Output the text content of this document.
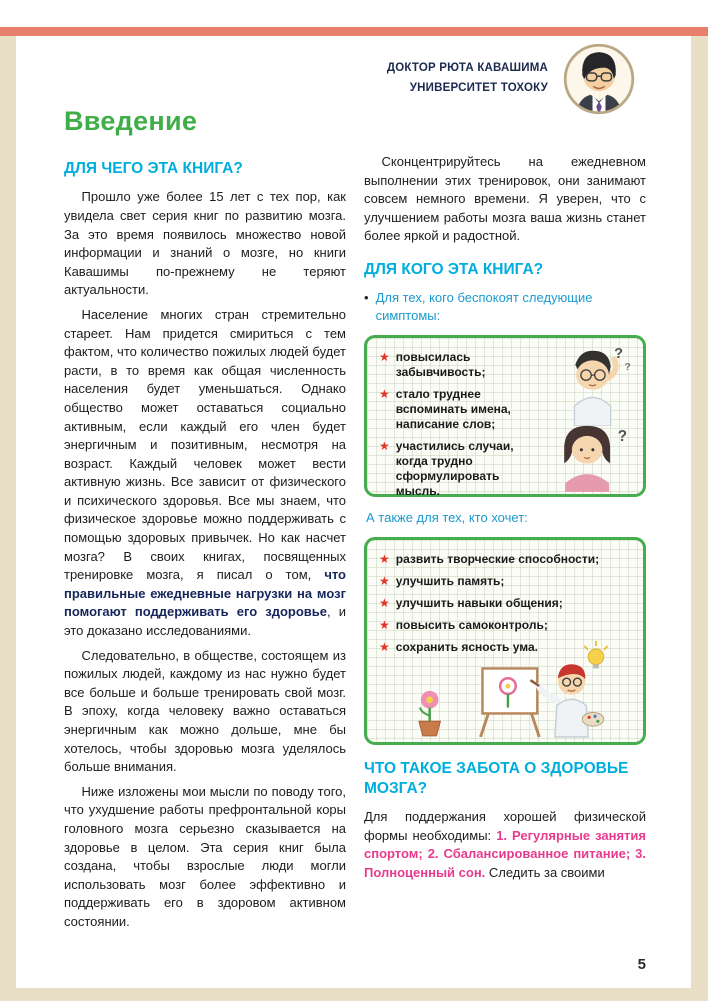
ДОКТОР РЮТА КАВАШИМА
УНИВЕРСИТЕТ ТОХОКУ
Введение
ДЛЯ ЧЕГО ЭТА КНИГА?

Прошло уже более 15 лет с тех пор, как увидела свет серия книг по развитию мозга. За это время появилось множество новой информации и знаний о мозге, но книги Кавашимы по-прежнему не теряют актуальности.

Население многих стран стремительно стареет. Нам придется смириться с тем фактом, что количество пожилых людей будет расти, в то время как общая численность населения будет уменьшаться. Однако общество может оставаться социально активным, если каждый его член будет энергичным и позитивным, несмотря на возраст. Каждый человек может вести активную жизнь. Все зависит от физического и психического здоровья. Все мы знаем, что физическое здоровье можно поддерживать с помощью здоровых привычек. Но как насчет мозга? В своих книгах, посвященных тренировке мозга, я писал о том, что правильные ежедневные нагрузки на мозг помогают поддерживать его здоровье, и это доказано исследованиями.

Следовательно, в обществе, состоящем из пожилых людей, каждому из нас нужно будет все больше и больше тренировать свой мозг. В эпоху, когда человеку важно оставаться энергичным как можно дольше, мне бы хотелось, чтобы здоровью мозга уделялось больше внимания.

Ниже изложены мои мысли по поводу того, что ухудшение работы префронтальной коры головного мозга серьезно сказывается на здоровье в целом. Эта серия книг была создана, чтобы взрослые люди могли использовать мозг более эффективно и поддерживать его в здоровом активном состоянии.

Сконцентрируйтесь на ежедневном выполнении этих тренировок, они занимают совсем немного времени. Я уверен, что с улучшением работы мозга ваша жизнь станет более яркой и радостной.

ДЛЯ КОГО ЭТА КНИГА?
• Для тех, кого беспокоят следующие симптомы:
★ повысилась забывчивость;
★ стало труднее вспоминать имена, написание слов;
★ участились случаи, когда трудно сформулировать мысль.
?
?
?
А также для тех, кто хочет:
★ развить творческие способности;
★ улучшить память;
★ улучшить навыки общения;
★ повысить самоконтроль;
★ сохранить ясность ума.
ЧТО ТАКОЕ ЗАБОТА О ЗДОРОВЬЕ МОЗГА?

Для поддержания хорошей физической формы необходимы: 1. Регулярные занятия спортом; 2. Сбалансированное питание; 3. Полноценный сон. Следить за своими

5
